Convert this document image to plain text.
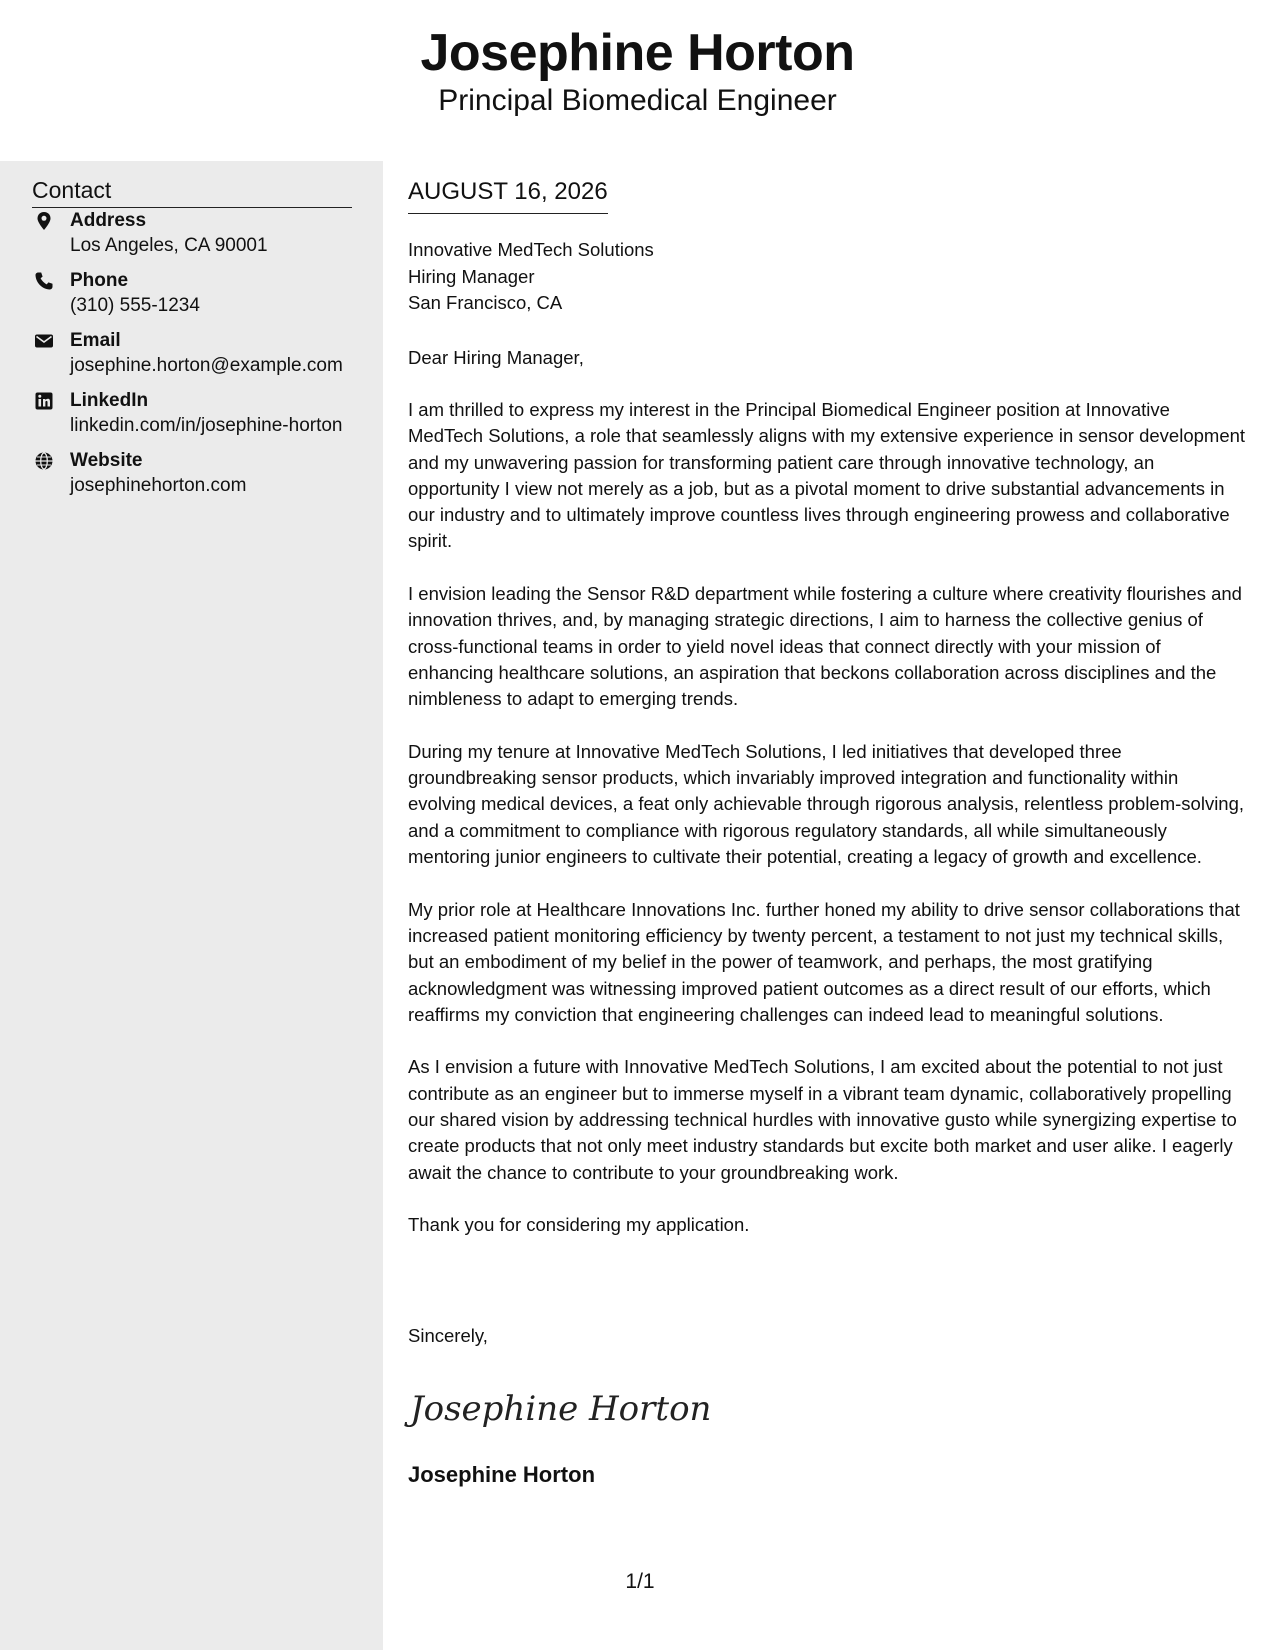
Josephine Horton
Principal Biomedical Engineer
Contact
Address
Los Angeles, CA 90001
Phone
(310) 555-1234
Email
josephine.horton@example.com
LinkedIn
linkedin.com/in/josephine-horton
Website
josephinehorton.com
AUGUST 16, 2026
Innovative MedTech Solutions
Hiring Manager
San Francisco, CA
Dear Hiring Manager,

I am thrilled to express my interest in the Principal Biomedical Engineer position at Innovative MedTech Solutions, a role that seamlessly aligns with my extensive experience in sensor development and my unwavering passion for transforming patient care through innovative technology, an opportunity I view not merely as a job, but as a pivotal moment to drive substantial advancements in our industry and to ultimately improve countless lives through engineering prowess and collaborative spirit.

I envision leading the Sensor R&D department while fostering a culture where creativity flourishes and innovation thrives, and, by managing strategic directions, I aim to harness the collective genius of cross-functional teams in order to yield novel ideas that connect directly with your mission of enhancing healthcare solutions, an aspiration that beckons collaboration across disciplines and the nimbleness to adapt to emerging trends.

During my tenure at Innovative MedTech Solutions, I led initiatives that developed three groundbreaking sensor products, which invariably improved integration and functionality within evolving medical devices, a feat only achievable through rigorous analysis, relentless problem-solving, and a commitment to compliance with rigorous regulatory standards, all while simultaneously mentoring junior engineers to cultivate their potential, creating a legacy of growth and excellence.

My prior role at Healthcare Innovations Inc. further honed my ability to drive sensor collaborations that increased patient monitoring efficiency by twenty percent, a testament to not just my technical skills, but an embodiment of my belief in the power of teamwork, and perhaps, the most gratifying acknowledgment was witnessing improved patient outcomes as a direct result of our efforts, which reaffirms my conviction that engineering challenges can indeed lead to meaningful solutions.

As I envision a future with Innovative MedTech Solutions, I am excited about the potential to not just contribute as an engineer but to immerse myself in a vibrant team dynamic, collaboratively propelling our shared vision by addressing technical hurdles with innovative gusto while synergizing expertise to create products that not only meet industry standards but excite both market and user alike. I eagerly await the chance to contribute to your groundbreaking work.

Thank you for considering my application.

Sincerely,
Josephine Horton
Josephine Horton
1/1
